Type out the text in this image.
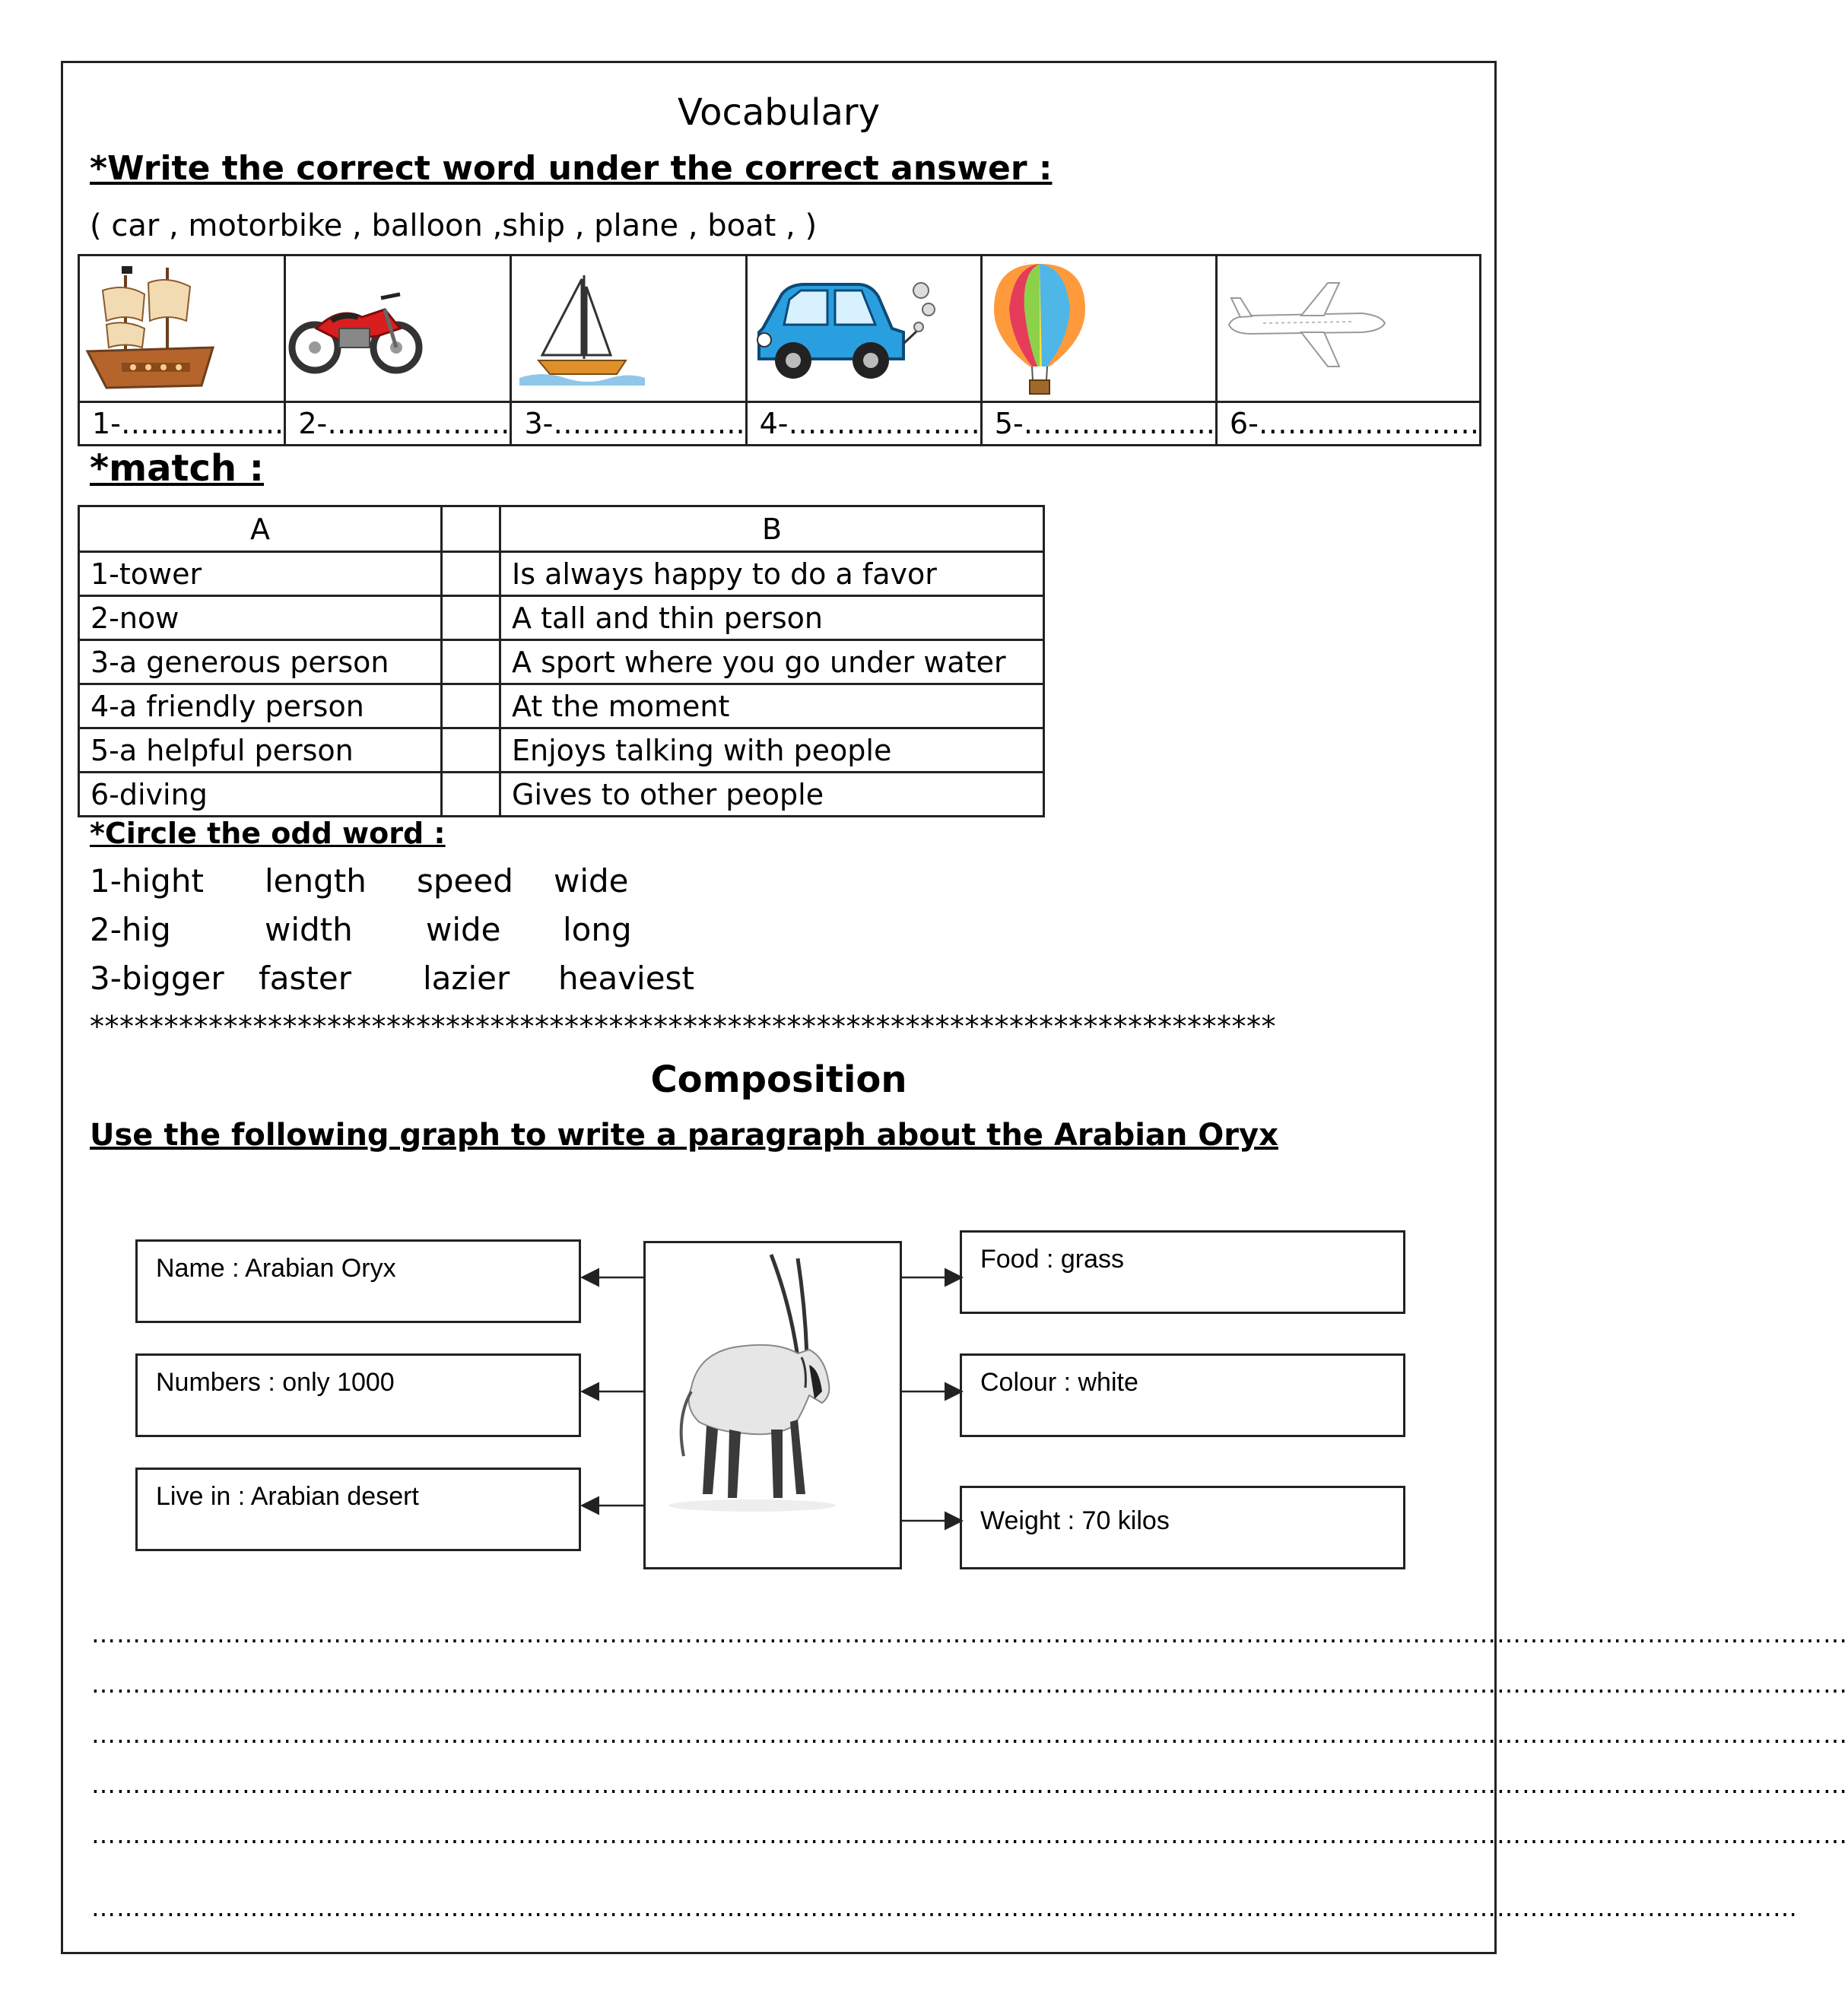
Vocabulary
*Write the correct word under the correct answer :
( car , motorbike , balloon ,ship , plane , boat , )

1-……………..	2-……………….	3-………………..	4-………………..	5-………………..	6-……………….….
*match :
A		B
1-tower		Is always happy to do a favor
2-now		A tall and thin person
3-a generous person		A sport where you go under water
4-a friendly person		At the moment
5-a helpful person		Enjoys talking with people
6-diving		Gives to other people
*Circle the odd word :
1-hight length speed wide
2-hig	width wide long
3-bigger faster lazier heaviest
********************************************************************************
Composition
Use the following graph to write a paragraph about the Arabian Oryx
Name : Arabian Oryx
Numbers : only 1000
Live in : Arabian desert
Food : grass
Colour : white
Weight : 70 kilos
…………………………………………………………………………………………………………………………………………………………………………………………
…………………………………………………………………………………………………………………………………………………………………………………………
…………………………………………………………………………………………………………………………………………………………………………………………
…………………………………………………………………………………………………………………………………………………………………………………………
…………………………………………………………………………………………………………………………………………………………………………………………
……………………………………………………………………………………………………………………………………………………………………………………
